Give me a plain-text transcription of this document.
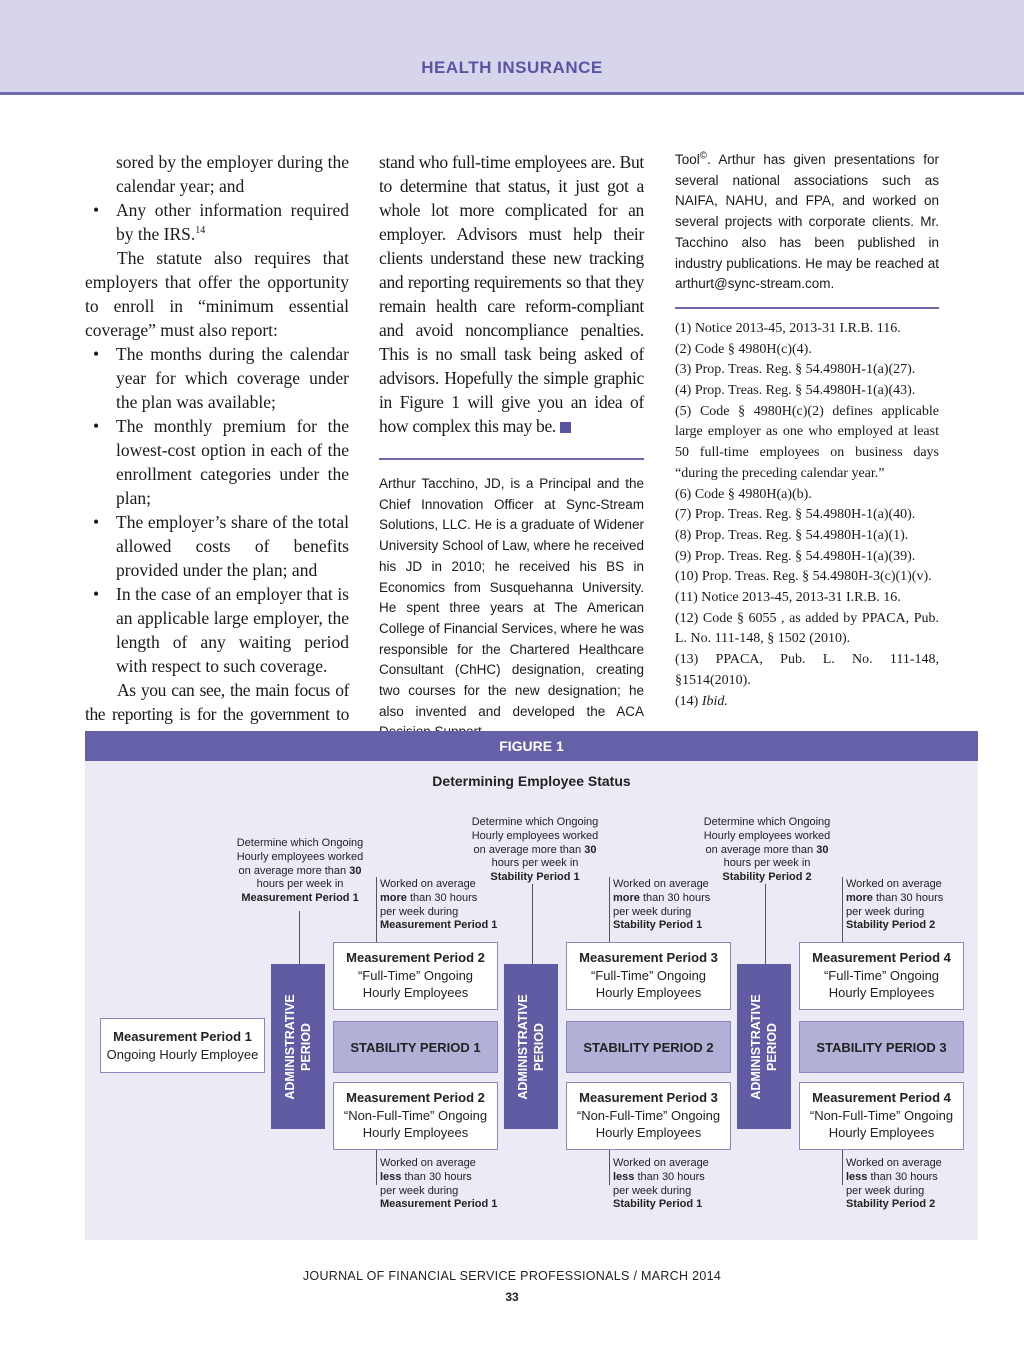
HEALTH INSURANCE
sored by the employer during the calendar year; and
• Any other information required by the IRS.$^{14}$
The statute also requires that employers that offer the opportunity to enroll in “minimum essential coverage” must also report:
• The months during the calendar year for which coverage under the plan was available;
• The monthly premium for the lowest-cost option in each of the enrollment categories under the plan;
• The employer’s share of the total allowed costs of benefits provided under the plan; and
• In the case of an employer that is an applicable large employer, the length of any waiting period with respect to such coverage.
As you can see, the main focus of the reporting is for the government to
stand who full-time employees are. But to determine that status, it just got a whole lot more complicated for an employer. Advisors must help their clients understand these new tracking and reporting requirements so that they remain health care reform-compliant and avoid noncompliance penalties. This is no small task being asked of advisors. Hopefully the simple graphic in Figure 1 will give you an idea of how complex this may be.
Arthur Tacchino, JD, is a Principal and the Chief Innovation Officer at Sync-Stream Solutions, LLC. He is a graduate of Widener University School of Law, where he received his JD in 2010; he received his BS in Economics from Susquehanna University. He spent three years at The American College of Financial Services, where he was responsible for the Chartered Healthcare Consultant (ChHC) designation, creating two courses for the new designation; he also invented and developed the ACA
Tool©. Arthur has given presentations for several national associations such as NAIFA, NAHU, and FPA, and worked on several projects with corporate clients. Mr. Tacchino also has been published in industry publications. He may be reached at arthurt@sync-stream.com.
(1) Notice 2013-45, 2013-31 I.R.B. 116.
(2) Code § 4980H(c)(4).
(3) Prop. Treas. Reg. § 54.4980H-1(a)(27).
(4) Prop. Treas. Reg. § 54.4980H-1(a)(43).
(5) Code § 4980H(c)(2) defines applicable large employer as one who employed at least 50 full-time employees on business days “during the preceding calendar year.”
(6) Code § 4980H(a)(b).
(7) Prop. Treas. Reg. § 54.4980H-1(a)(40).
(8) Prop. Treas. Reg. § 54.4980H-1(a)(1).
(9) Prop. Treas. Reg. § 54.4980H-1(a)(39).
(10) Prop. Treas. Reg. § 54.4980H-3(c)(1)(v).
(11) Notice 2013-45, 2013-31 I.R.B. 16.
(12) Code § 6055 , as added by PPACA, Pub. L. No. 111-148, § 1502 (2010).
(13) PPACA, Pub. L. No. 111-148, §1514(2010).
(14) Ibid.
FIGURE 1
Determining Employee Status
Measurement Period 1
Ongoing Hourly Employee	ADMINISTRATIVE PERIOD	ADMINISTRATIVE PERIOD	ADMINISTRATIVE PERIOD
Determine which Ongoing
Hourly employees worked
on average more than 30
hours per week in
Measurement Period 1
Determine which Ongoing
Hourly employees worked
on average more than 30
hours per week in
Stability Period 1
Determine which Ongoing
Hourly employees worked
on average more than 30
hours per week in
Stability Period 2
Measurement Period 2
“Full-Time” Ongoing
Hourly Employees
STABILITY PERIOD 1
Measurement Period 2
“Non-Full-Time” Ongoing
Hourly Employees
Worked on average
more than 30 hours
per week during
Measurement Period 1
Worked on average
less than 30 hours
per week during
Measurement Period 1
Measurement Period 3
“Full-Time” Ongoing
Hourly Employees
STABILITY PERIOD 2
Measurement Period 3
“Non-Full-Time” Ongoing
Hourly Employees
Worked on average
more than 30 hours
per week during
Stability Period 1
Worked on average
less than 30 hours
per week during
Stability Period 1
Measurement Period 4
“Full-Time” Ongoing
Hourly Employees
STABILITY PERIOD 3
Measurement Period 4
“Non-Full-Time” Ongoing
Hourly Employees
Worked on average
more than 30 hours
per week during
Stability Period 2
Worked on average
less than 30 hours
per week during
Stability Period 2
JOURNAL OF FINANCIAL SERVICE PROFESSIONALS / MARCH 2014
33
